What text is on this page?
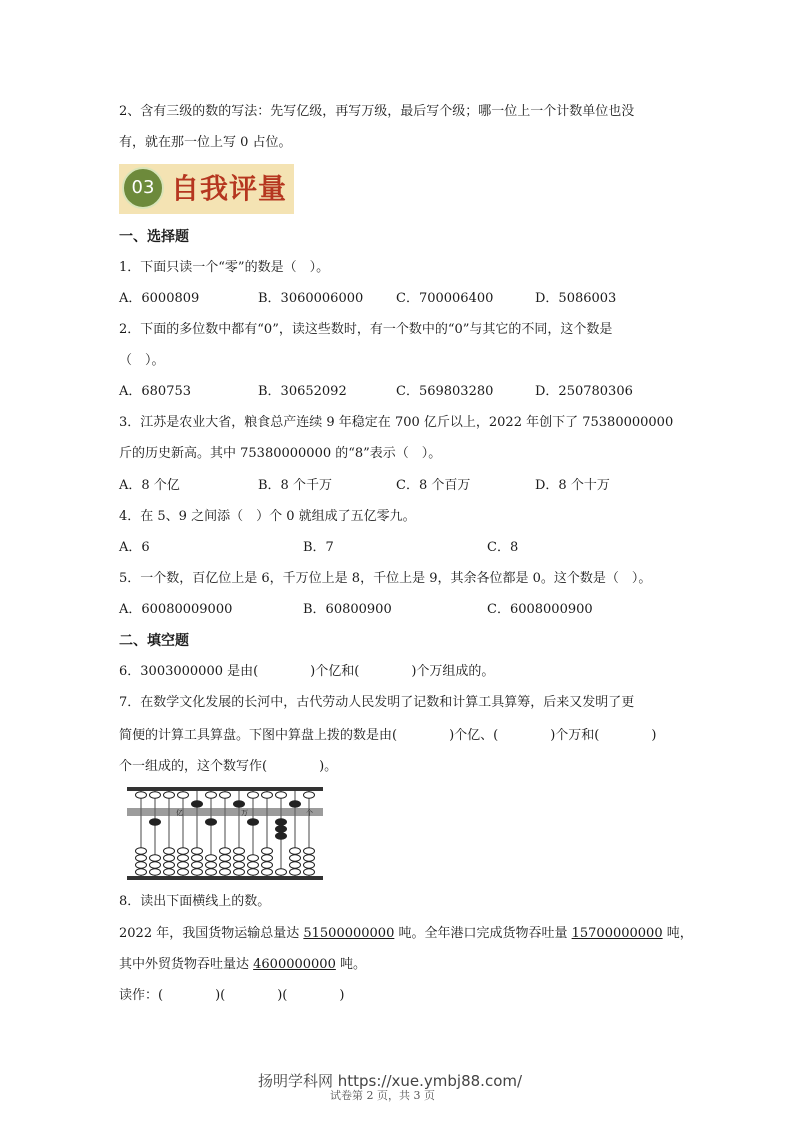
2、含有三级的数的写法：先写亿级，再写万级，最后写个级；哪一位上一个计数单位也没
有，就在那一位上写 0 占位。
03 自我评量
一、选择题
1．下面只读一个“零”的数是（　）。
A．6000809	B．3060006000	C．700006400	D．5086003
2．下面的多位数中都有“0”，读这些数时，有一个数中的“0”与其它的不同，这个数是
（　）。
A．680753	B．30652092	C．569803280	D．250780306
3．江苏是农业大省，粮食总产连续 9 年稳定在 700 亿斤以上，2022 年创下了 75380000000
斤的历史新高。其中 75380000000 的“8”表示（　）。
A．8 个亿	B．8 个千万	C．8 个百万	D．8 个十万
4．在 5、9 之间添（　）个 0 就组成了五亿零九。
A．6	B．7	C．8
5．一个数，百亿位上是 6，千万位上是 8，千位上是 9，其余各位都是 0。这个数是（　）。
A．60080009000	B．60800900	C．6008000900
二、填空题
6．3003000000 是由(　　　　)个亿和(　　　　)个万组成的。
7．在数学文化发展的长河中，古代劳动人民发明了记数和计算工具算筹，后来又发明了更
简便的计算工具算盘。下图中算盘上拨的数是由(　　　　)个亿、(　　　　)个万和(　　　　)
个一组成的，这个数写作(　　　　)。
亿	万	个
8．读出下面横线上的数。
2022 年，我国货物运输总量达 51500000000 吨。全年港口完成货物吞吐量 15700000000 吨，
其中外贸货物吞吐量达 4600000000 吨。
读作：(　　　　)(　　　　)(　　　　)
扬明学科网 https://xue.ymbj88.com/
试卷第 2 页，共 3 页
